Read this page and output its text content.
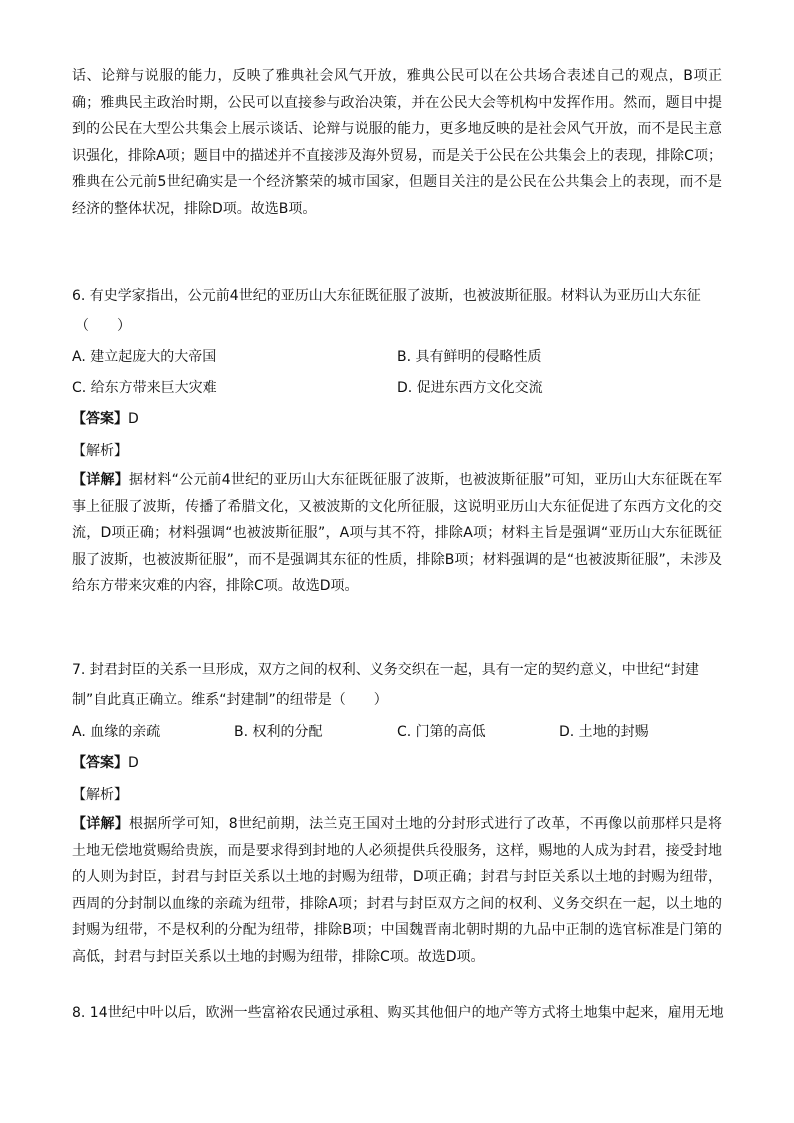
话、论辩与说服的能力，反映了雅典社会风气开放，雅典公民可以在公共场合表述自己的观点，B项正确；雅典民主政治时期，公民可以直接参与政治决策，并在公民大会等机构中发挥作用。然而，题目中提到的公民在大型公共集会上展示谈话、论辩与说服的能力，更多地反映的是社会风气开放，而不是民主意识强化，排除A项；题目中的描述并不直接涉及海外贸易，而是关于公民在公共集会上的表现，排除C项；雅典在公元前5世纪确实是一个经济繁荣的城市国家，但题目关注的是公民在公共集会上的表现，而不是经济的整体状况，排除D项。故选B项。

6. 有史学家指出，公元前4世纪的亚历山大东征既征服了波斯，也被波斯征服。材料认为亚历山大东征
（　　）
A. 建立起庞大的大帝国	B. 具有鲜明的侵略性质
C. 给东方带来巨大灾难	D. 促进东西方文化交流
【答案】D
【解析】

【详解】据材料“公元前4世纪的亚历山大东征既征服了波斯，也被波斯征服”可知，亚历山大东征既在军事上征服了波斯，传播了希腊文化，又被波斯的文化所征服，这说明亚历山大东征促进了东西方文化的交流，D项正确；材料强调“也被波斯征服”，A项与其不符，排除A项；材料主旨是强调“亚历山大东征既征服了波斯，也被波斯征服”，而不是强调其东征的性质，排除B项；材料强调的是“也被波斯征服”，未涉及给东方带来灾难的内容，排除C项。故选D项。

7. 封君封臣的关系一旦形成，双方之间的权利、义务交织在一起，具有一定的契约意义，中世纪“封建
制”自此真正确立。维系“封建制”的纽带是（　　）
A. 血缘的亲疏	B. 权利的分配	C. 门第的高低	D. 土地的封赐
【答案】D
【解析】

【详解】根据所学可知，8世纪前期，法兰克王国对土地的分封形式进行了改革，不再像以前那样只是将土地无偿地赏赐给贵族，而是要求得到封地的人必须提供兵役服务，这样，赐地的人成为封君，接受封地的人则为封臣，封君与封臣关系以土地的封赐为纽带，D项正确；封君与封臣关系以土地的封赐为纽带，西周的分封制以血缘的亲疏为纽带，排除A项；封君与封臣双方之间的权利、义务交织在一起，以土地的封赐为纽带，不是权利的分配为纽带，排除B项；中国魏晋南北朝时期的九品中正制的选官标准是门第的高低，封君与封臣关系以土地的封赐为纽带，排除C项。故选D项。

8. 14世纪中叶以后，欧洲一些富裕农民通过承租、购买其他佃户的地产等方式将土地集中起来，雇用无地
